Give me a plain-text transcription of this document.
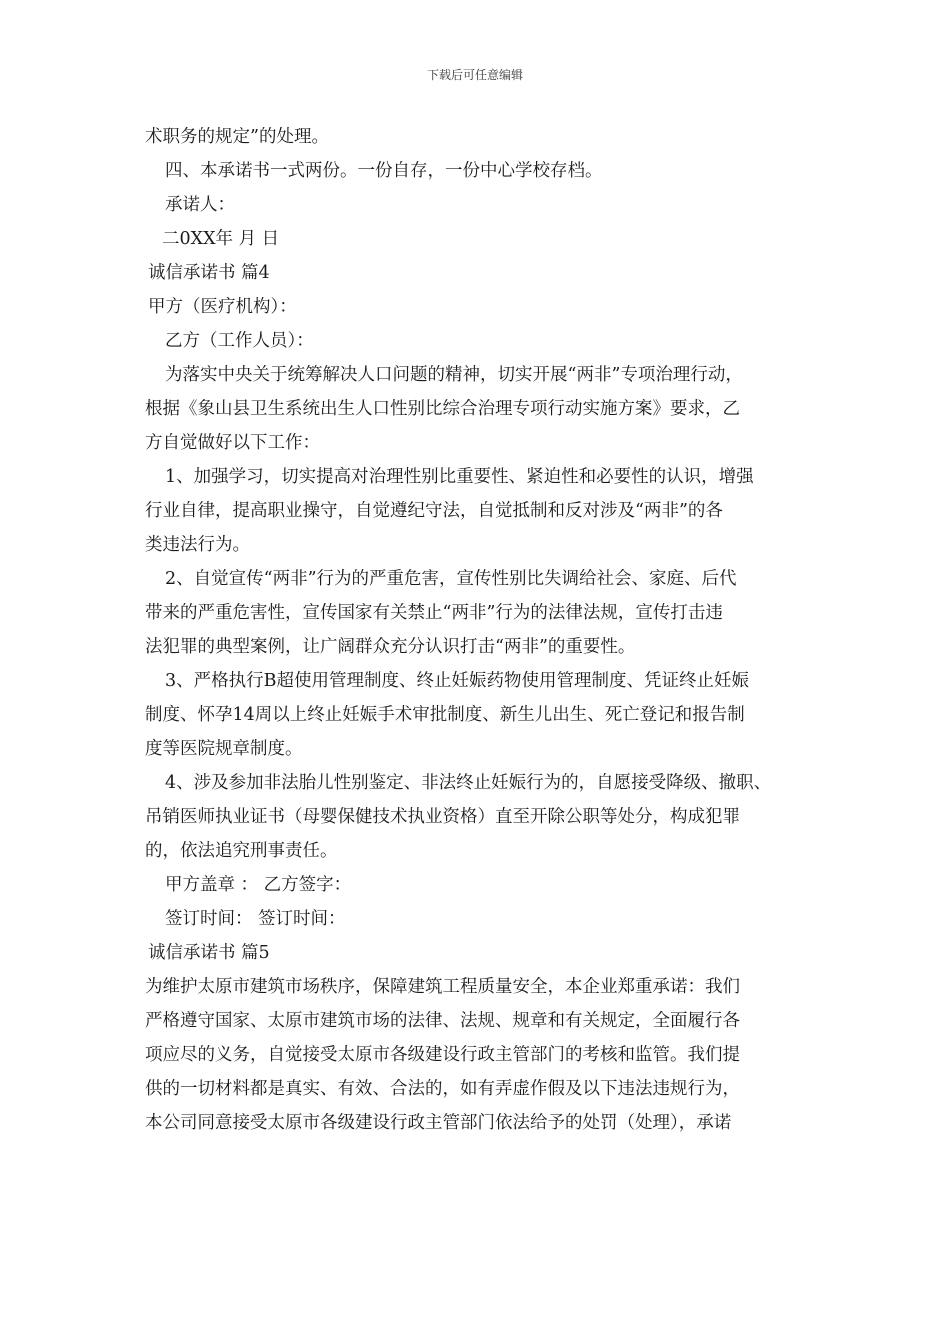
下载后可任意编辑

术职务的规定”的处理。

四、本承诺书一式两份。一份自存，一份中心学校存档。

承诺人：

二0XX年 月 日

诚信承诺书 篇4

甲方（医疗机构）：

乙方（工作人员）：

为落实中央关于统筹解决人口问题的精神，切实开展“两非”专项治理行动，

根据《象山县卫生系统出生人口性别比综合治理专项行动实施方案》要求，乙

方自觉做好以下工作：

1、加强学习，切实提高对治理性别比重要性、紧迫性和必要性的认识，增强

行业自律，提高职业操守，自觉遵纪守法，自觉抵制和反对涉及“两非”的各

类违法行为。

2、自觉宣传“两非”行为的严重危害，宣传性别比失调给社会、家庭、后代

带来的严重危害性，宣传国家有关禁止“两非”行为的法律法规，宣传打击违

法犯罪的典型案例，让广阔群众充分认识打击“两非”的重要性。

3、严格执行B超使用管理制度、终止妊娠药物使用管理制度、凭证终止妊娠

制度、怀孕14周以上终止妊娠手术审批制度、新生儿出生、死亡登记和报告制

度等医院规章制度。

4、涉及参加非法胎儿性别鉴定、非法终止妊娠行为的，自愿接受降级、撤职、

吊销医师执业证书（母婴保健技术执业资格）直至开除公职等处分，构成犯罪

的，依法追究刑事责任。

甲方盖章 ： 乙方签字：

签订时间： 签订时间：

诚信承诺书 篇5

为维护太原市建筑市场秩序，保障建筑工程质量安全，本企业郑重承诺：我们

严格遵守国家、太原市建筑市场的法律、法规、规章和有关规定，全面履行各

项应尽的义务，自觉接受太原市各级建设行政主管部门的考核和监管。我们提

供的一切材料都是真实、有效、合法的，如有弄虚作假及以下违法违规行为，

本公司同意接受太原市各级建设行政主管部门依法给予的处罚（处理），承诺
